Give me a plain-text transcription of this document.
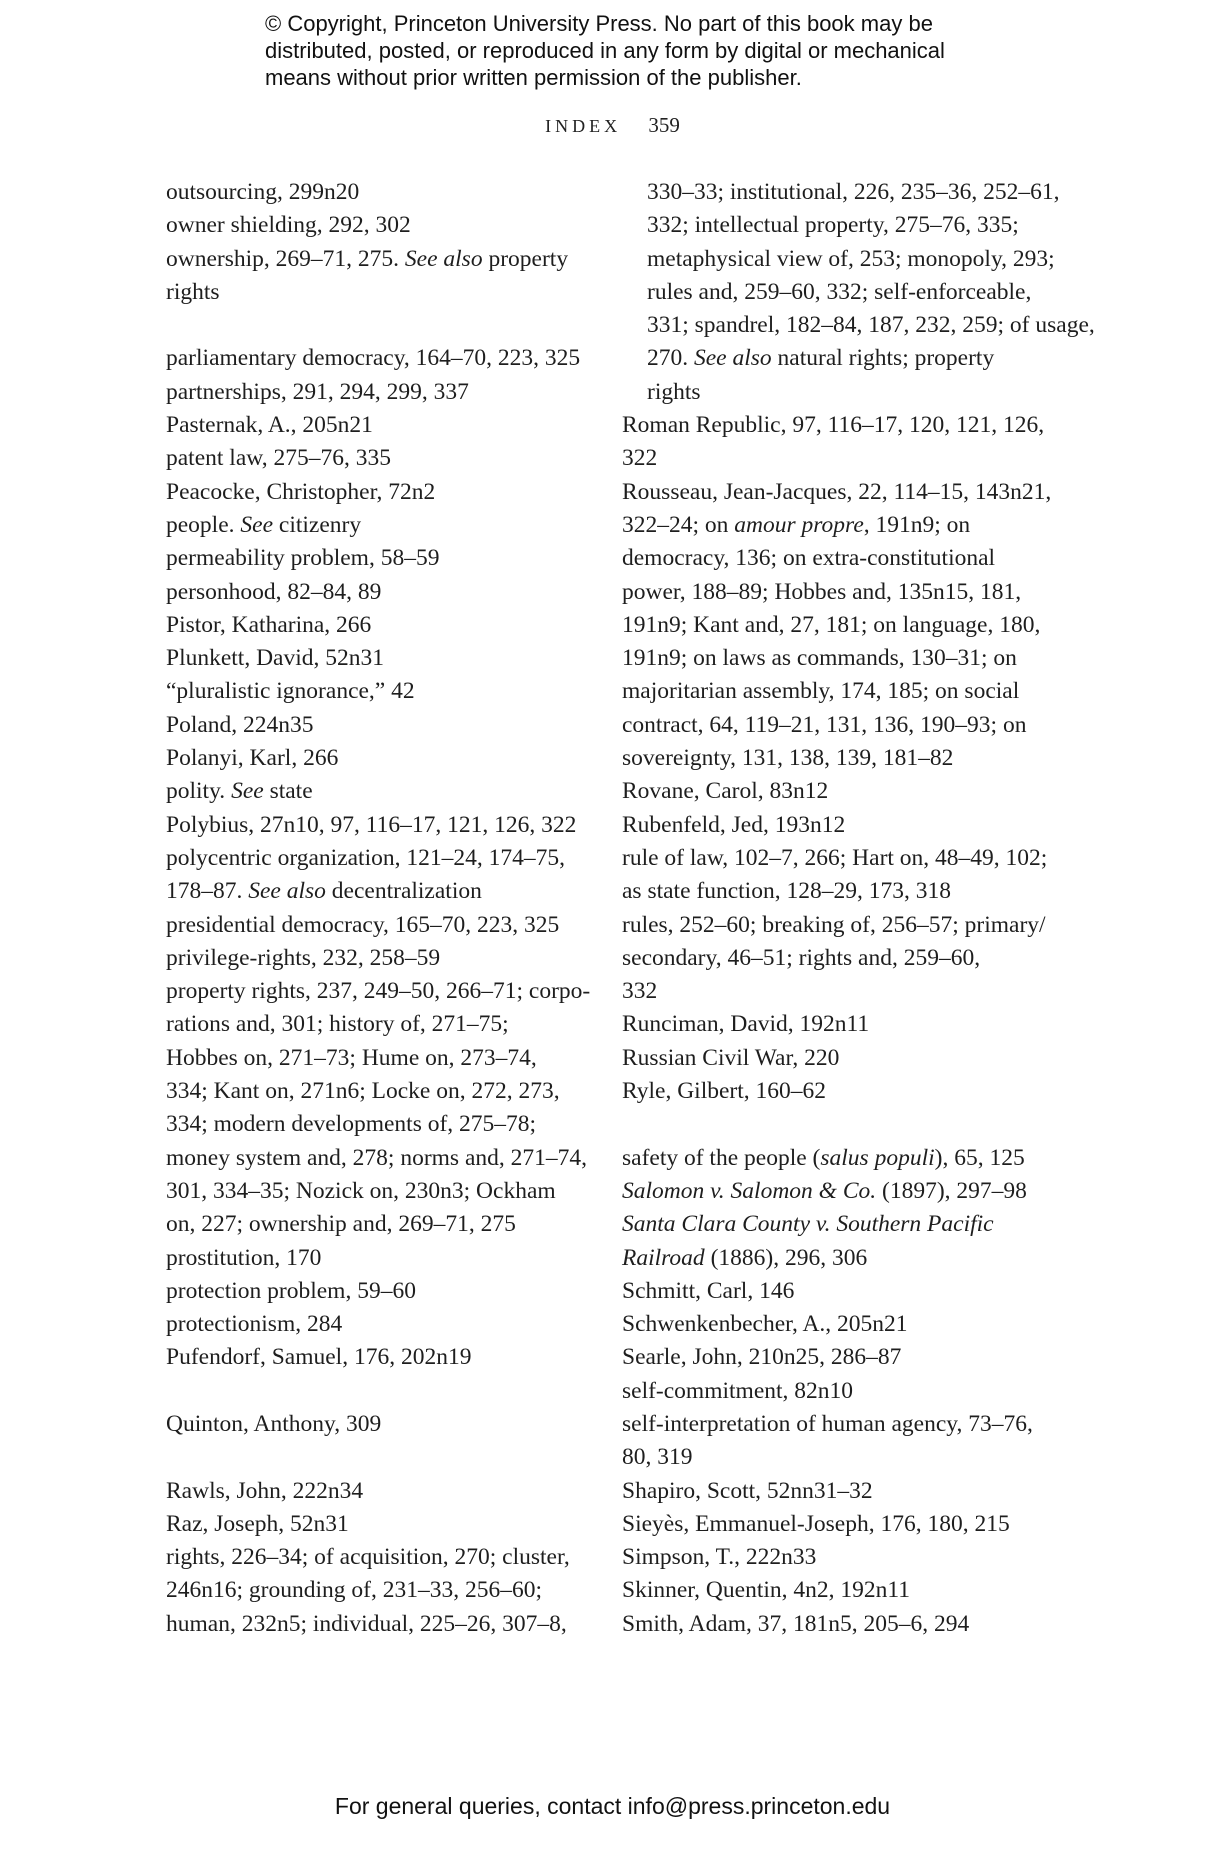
© Copyright, Princeton University Press. No part of this book may be
distributed, posted, or reproduced in any form by digital or mechanical
means without prior written permission of the publisher.
INDEX 359
outsourcing, 299n20
owner shielding, 292, 302
ownership, 269–71, 275. See also property
rights
parliamentary democracy, 164–70, 223, 325
partnerships, 291, 294, 299, 337
Pasternak, A., 205n21
patent law, 275–76, 335
Peacocke, Christopher, 72n2
people. See citizenry
permeability problem, 58–59
personhood, 82–84, 89
Pistor, Katharina, 266
Plunkett, David, 52n31
“pluralistic ignorance,” 42
Poland, 224n35
Polanyi, Karl, 266
polity. See state
Polybius, 27n10, 97, 116–17, 121, 126, 322
polycentric organization, 121–24, 174–75,
178–87. See also decentralization
presidential democracy, 165–70, 223, 325
privilege-rights, 232, 258–59
property rights, 237, 249–50, 266–71; corpo-
rations and, 301; history of, 271–75;
Hobbes on, 271–73; Hume on, 273–74,
334; Kant on, 271n6; Locke on, 272, 273,
334; modern developments of, 275–78;
money system and, 278; norms and, 271–74,
301, 334–35; Nozick on, 230n3; Ockham
on, 227; ownership and, 269–71, 275
prostitution, 170
protection problem, 59–60
protectionism, 284
Pufendorf, Samuel, 176, 202n19
Quinton, Anthony, 309
Rawls, John, 222n34
Raz, Joseph, 52n31
rights, 226–34; of acquisition, 270; cluster,
246n16; grounding of, 231–33, 256–60;
human, 232n5; individual, 225–26, 307–8,
330–33; institutional, 226, 235–36, 252–61,
332; intellectual property, 275–76, 335;
metaphysical view of, 253; monopoly, 293;
rules and, 259–60, 332; self-enforceable,
331; spandrel, 182–84, 187, 232, 259; of usage,
270. See also natural rights; property
rights
Roman Republic, 97, 116–17, 120, 121, 126,
322
Rousseau, Jean-Jacques, 22, 114–15, 143n21,
322–24; on amour propre, 191n9; on
democracy, 136; on extra-constitutional
power, 188–89; Hobbes and, 135n15, 181,
191n9; Kant and, 27, 181; on language, 180,
191n9; on laws as commands, 130–31; on
majoritarian assembly, 174, 185; on social
contract, 64, 119–21, 131, 136, 190–93; on
sovereignty, 131, 138, 139, 181–82
Rovane, Carol, 83n12
Rubenfeld, Jed, 193n12
rule of law, 102–7, 266; Hart on, 48–49, 102;
as state function, 128–29, 173, 318
rules, 252–60; breaking of, 256–57; primary/
secondary, 46–51; rights and, 259–60,
332
Runciman, David, 192n11
Russian Civil War, 220
Ryle, Gilbert, 160–62
safety of the people (salus populi), 65, 125
Salomon v. Salomon & Co. (1897), 297–98
Santa Clara County v. Southern Pacific
Railroad (1886), 296, 306
Schmitt, Carl, 146
Schwenkenbecher, A., 205n21
Searle, John, 210n25, 286–87
self-commitment, 82n10
self-interpretation of human agency, 73–76,
80, 319
Shapiro, Scott, 52nn31–32
Sieyès, Emmanuel-Joseph, 176, 180, 215
Simpson, T., 222n33
Skinner, Quentin, 4n2, 192n11
Smith, Adam, 37, 181n5, 205–6, 294
For general queries, contact info@press.princeton.edu
